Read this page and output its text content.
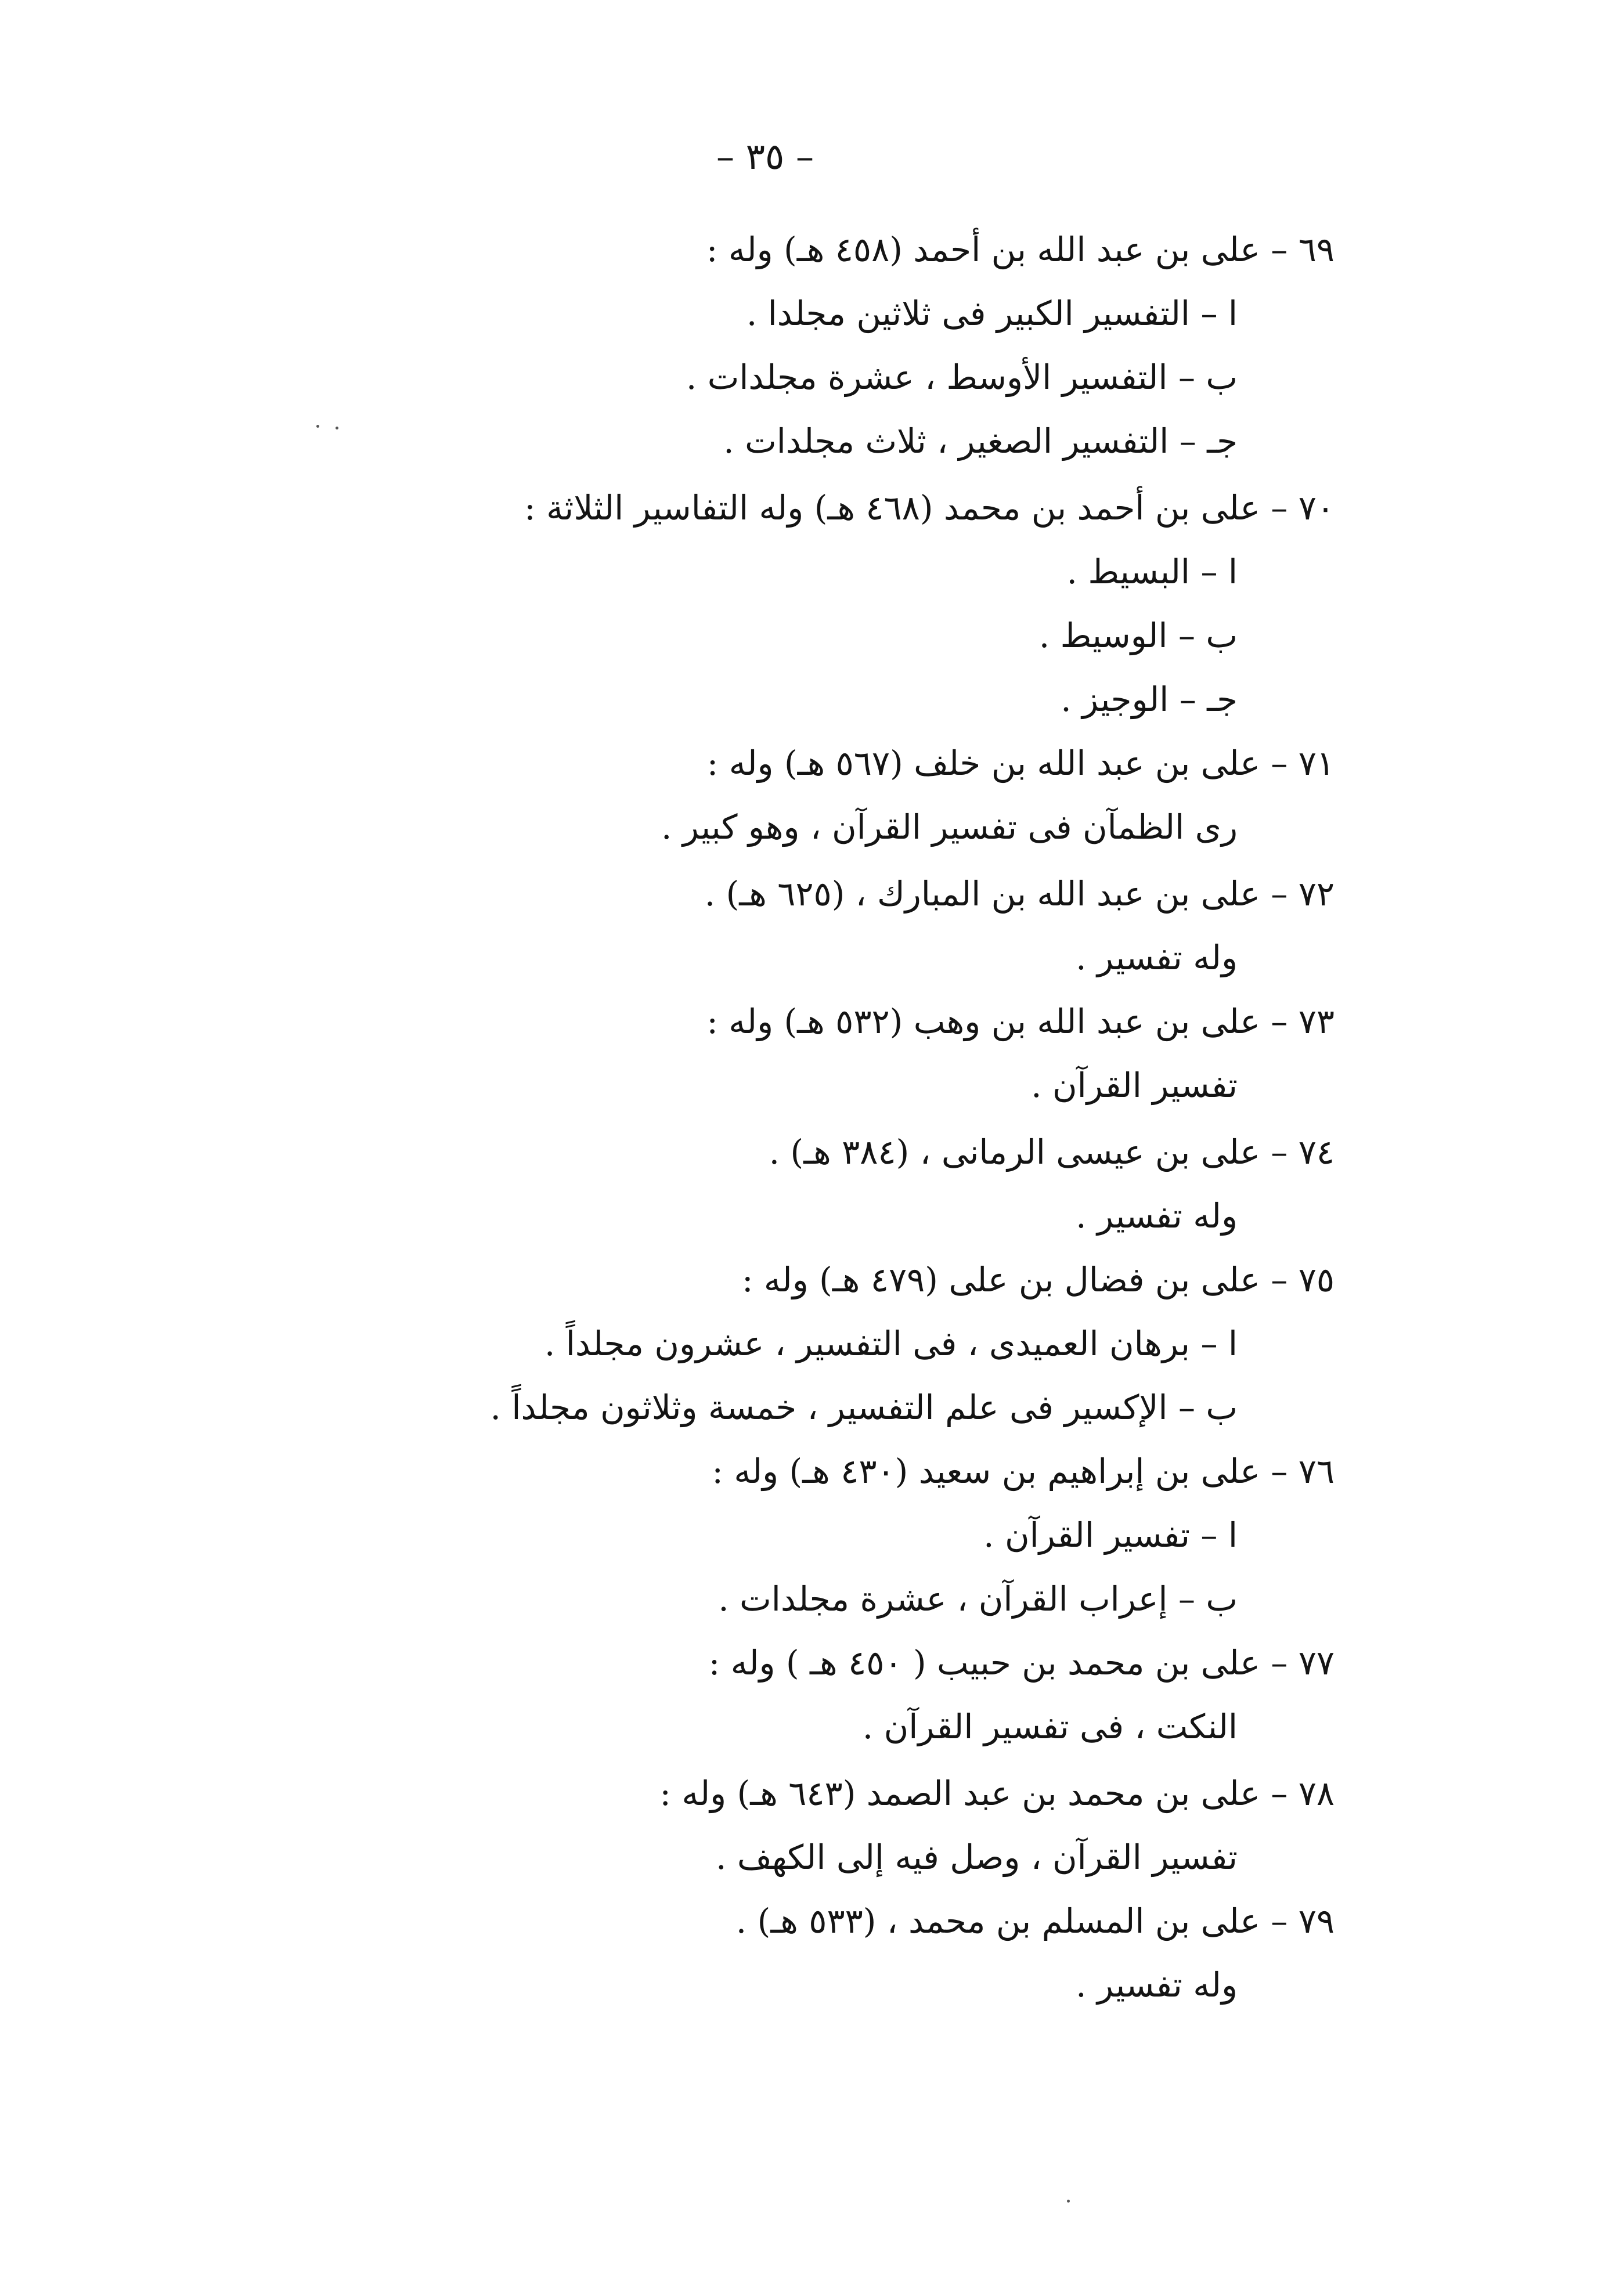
– ٣٥ –
٦٩ – على بن عبد الله بن أحمد (٤٥٨ هـ) وله :
ا – التفسير الكبير فى ثلاثين مجلدا .
ب – التفسير الأوسط ، عشرة مجلدات .
جـ – التفسير الصغير ، ثلاث مجلدات .
٧٠ – على بن أحمد بن محمد (٤٦٨ هـ) وله التفاسير الثلاثة :
ا – البسيط .
ب – الوسيط .
جـ – الوجيز .
٧١ – على بن عبد الله بن خلف (٥٦٧ هـ) وله :
رى الظمآن فى تفسير القرآن ، وهو كبير .
٧٢ – على بن عبد الله بن المبارك ، (٦٢٥ هـ) .
وله تفسير .
٧٣ – على بن عبد الله بن وهب (٥٣٢ هـ) وله :
تفسير القرآن .
٧٤ – على بن عيسى الرمانى ، (٣٨٤ هـ) .
وله تفسير .
٧٥ – على بن فضال بن على (٤٧٩ هـ) وله :
ا – برهان العميدى ، فى التفسير ، عشرون مجلداً .
ب – الإكسير فى علم التفسير ، خمسة وثلاثون مجلداً .
٧٦ – على بن إبراهيم بن سعيد (٤٣٠ هـ) وله :
ا – تفسير القرآن .
ب – إعراب القرآن ، عشرة مجلدات .
٧٧ – على بن محمد بن حبيب ( ٤٥٠ هـ ) وله :
النكت ، فى تفسير القرآن .
٧٨ – على بن محمد بن عبد الصمد (٦٤٣ هـ) وله :
تفسير القرآن ، وصل فيه إلى الكهف .
٧٩ – على بن المسلم بن محمد ، (٥٣٣ هـ) .
وله تفسير .
